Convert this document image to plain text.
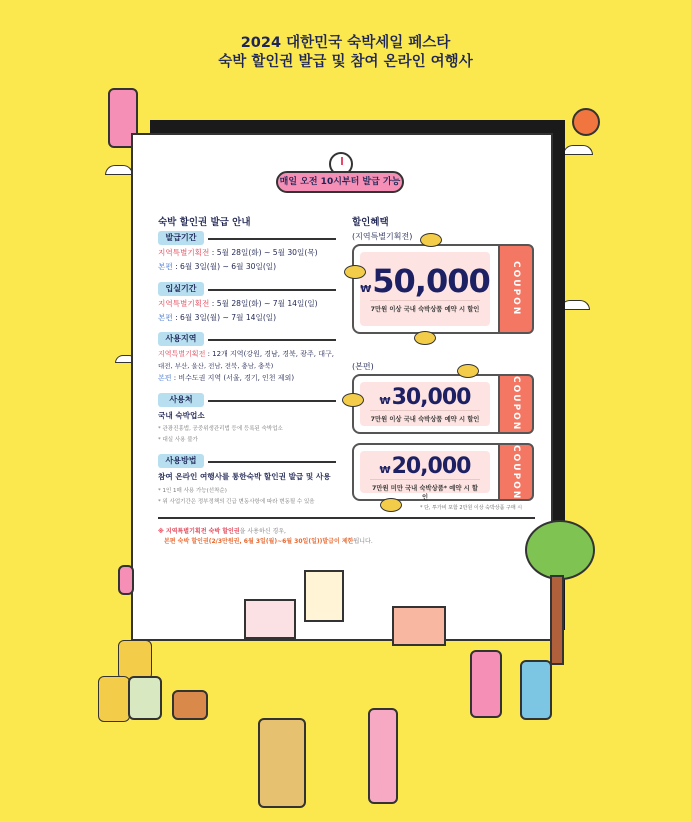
2024 대한민국 숙박세일 페스타
숙박 할인권 발급 및 참여 온라인 여행사
매일 오전 10시부터 발급 가능
숙박 할인권 발급 안내
발급기간
지역특별기획전 : 5월 28일(화) ~ 5월 30일(목)
본편 : 6월 3일(월) ~ 6월 30일(일)
입실기간
지역특별기획전 : 5월 28일(화) ~ 7월 14일(일)
본편 : 6월 3일(월) ~ 7월 14일(일)
사용지역
지역특별기획전 : 12개 지역(강원, 경남, 경북, 광주, 대구,
대전, 부산, 울산, 전남, 전북, 충남, 충북)
본편 : 비수도권 지역 (서울, 경기, 인천 제외)
사용처
국내 숙박업소
* 관광진흥법, 공중위생관리법 등에 등록된 숙박업소
* 대실 사용 불가
사용방법
참여 온라인 여행사를 통한숙박 할인권 발급 및 사용
* 1인 1매 사용 가능(선착순)
* 위 사업기간은 정부정책의 긴급 변동사항에 따라 변동될 수 있음
※ 지역특별기획전 숙박 할인권을 사용하신 경우,
본편 숙박 할인권(2/3만원권, 6월 3일(월)~6월 30일(일))발급이 제한됩니다.
할인혜택
(지역특별기획전)
₩50,000
7만원 이상 국내 숙박상품 예약 시 할인	COUPON
(본편)
₩30,000
7만원 이상 국내 숙박상품 예약 시 할인	COUPON
₩20,000
7만원 미만 국내 숙박상품* 예약 시 할인	COUPON
* 단, 투가비 포함 2만원 이상 숙박상품 구매 시
